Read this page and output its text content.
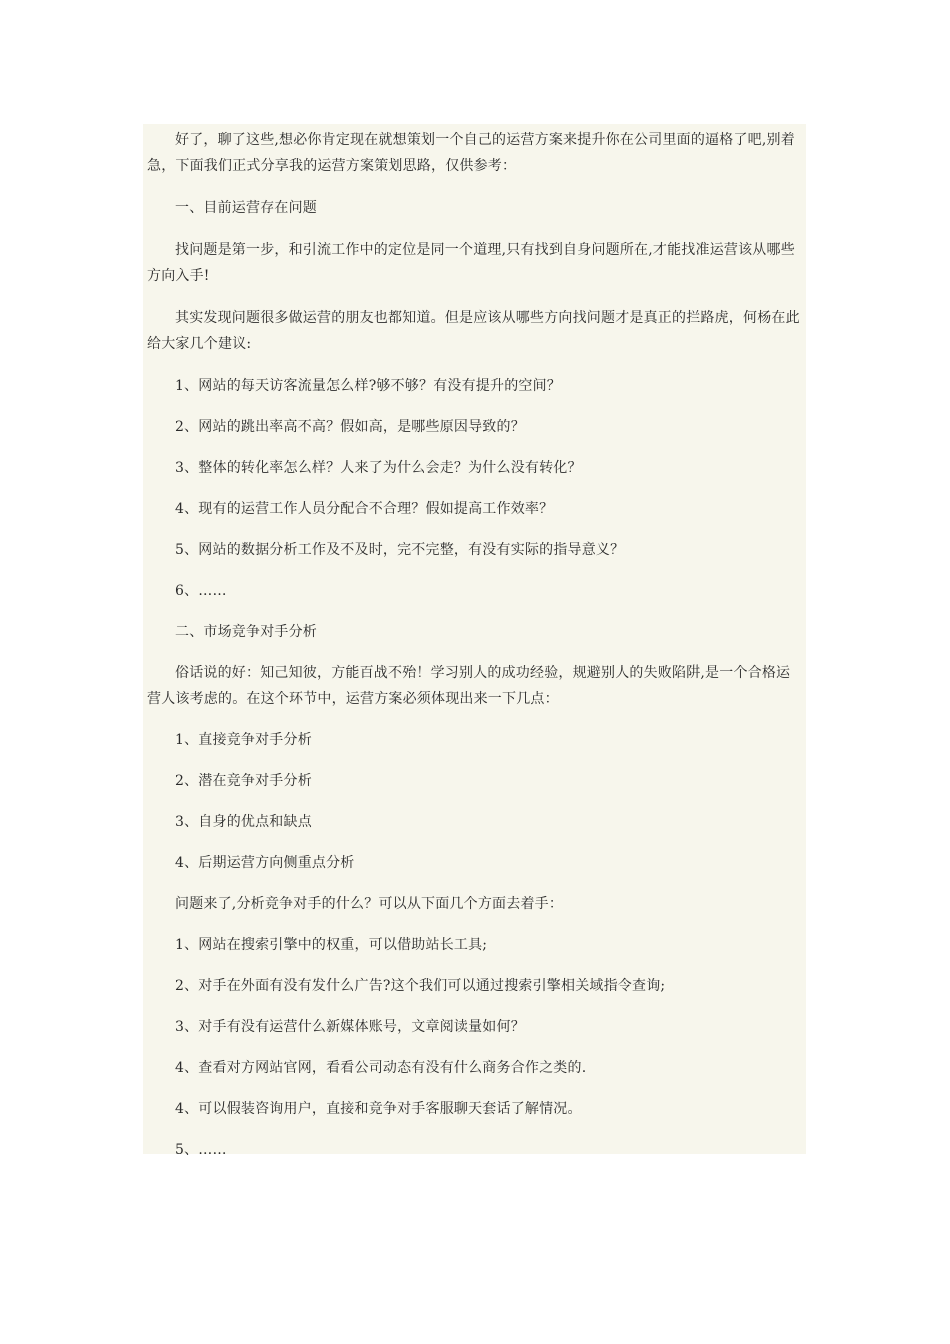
好了，聊了这些,想必你肯定现在就想策划一个自己的运营方案来提升你在公司里面的逼格了吧,别着急，下面我们正式分享我的运营方案策划思路，仅供参考：

一、目前运营存在问题

找问题是第一步，和引流工作中的定位是同一个道理,只有找到自身问题所在,才能找准运营该从哪些方向入手!

其实发现问题很多做运营的朋友也都知道。但是应该从哪些方向找问题才是真正的拦路虎，何杨在此给大家几个建议:

1、网站的每天访客流量怎么样?够不够？有没有提升的空间？

2、网站的跳出率高不高？假如高，是哪些原因导致的？

3、整体的转化率怎么样？人来了为什么会走？为什么没有转化？

4、现有的运营工作人员分配合不合理？假如提高工作效率？

5、网站的数据分析工作及不及时，完不完整，有没有实际的指导意义？

6、……

二、市场竞争对手分析

俗话说的好：知己知彼，方能百战不殆！学习别人的成功经验，规避别人的失败陷阱,是一个合格运营人该考虑的。在这个环节中，运营方案必须体现出来一下几点：

1、直接竞争对手分析

2、潜在竞争对手分析

3、自身的优点和缺点

4、后期运营方向侧重点分析

问题来了,分析竞争对手的什么？可以从下面几个方面去着手：

1、网站在搜索引擎中的权重，可以借助站长工具;

2、对手在外面有没有发什么广告?这个我们可以通过搜索引擎相关域指令查询;

3、对手有没有运营什么新媒体账号，文章阅读量如何？

4、查看对方网站官网，看看公司动态有没有什么商务合作之类的.

4、可以假装咨询用户，直接和竞争对手客服聊天套话了解情况。

5、……
